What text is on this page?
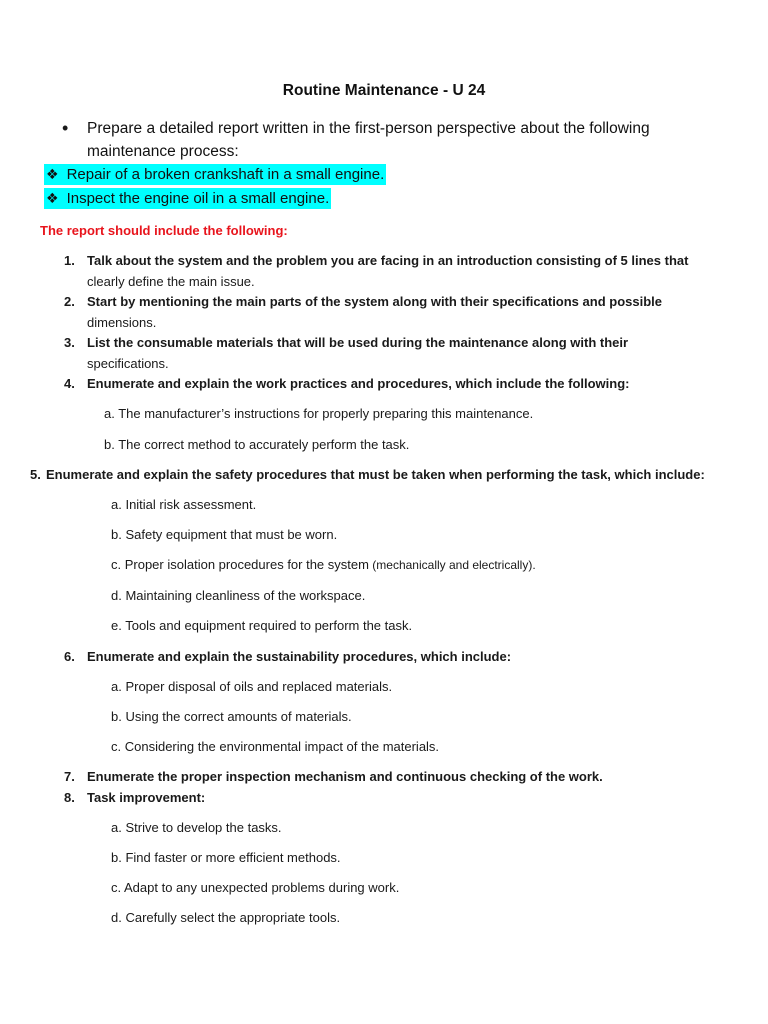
Routine Maintenance - U 24
• Prepare a detailed report written in the first-person perspective about the following maintenance process:
❖ Repair of a broken crankshaft in a small engine.
❖ Inspect the engine oil in a small engine.
The report should include the following:
1. Talk about the system and the problem you are facing in an introduction consisting of 5 lines that
clearly define the main issue.
2. Start by mentioning the main parts of the system along with their specifications and possible
dimensions.
3. List the consumable materials that will be used during the maintenance along with their
specifications.
4. Enumerate and explain the work practices and procedures, which include the following:
a. The manufacturer’s instructions for properly preparing this maintenance.
b. The correct method to accurately perform the task.
5. Enumerate and explain the safety procedures that must be taken when performing the task, which include:
a. Initial risk assessment.
b. Safety equipment that must be worn.
c. Proper isolation procedures for the system (mechanically and electrically).
d. Maintaining cleanliness of the workspace.
e. Tools and equipment required to perform the task.
6. Enumerate and explain the sustainability procedures, which include:
a. Proper disposal of oils and replaced materials.
b. Using the correct amounts of materials.
c. Considering the environmental impact of the materials.
7. Enumerate the proper inspection mechanism and continuous checking of the work.
8. Task improvement:
a. Strive to develop the tasks.
b. Find faster or more efficient methods.
c. Adapt to any unexpected problems during work.
d. Carefully select the appropriate tools.
